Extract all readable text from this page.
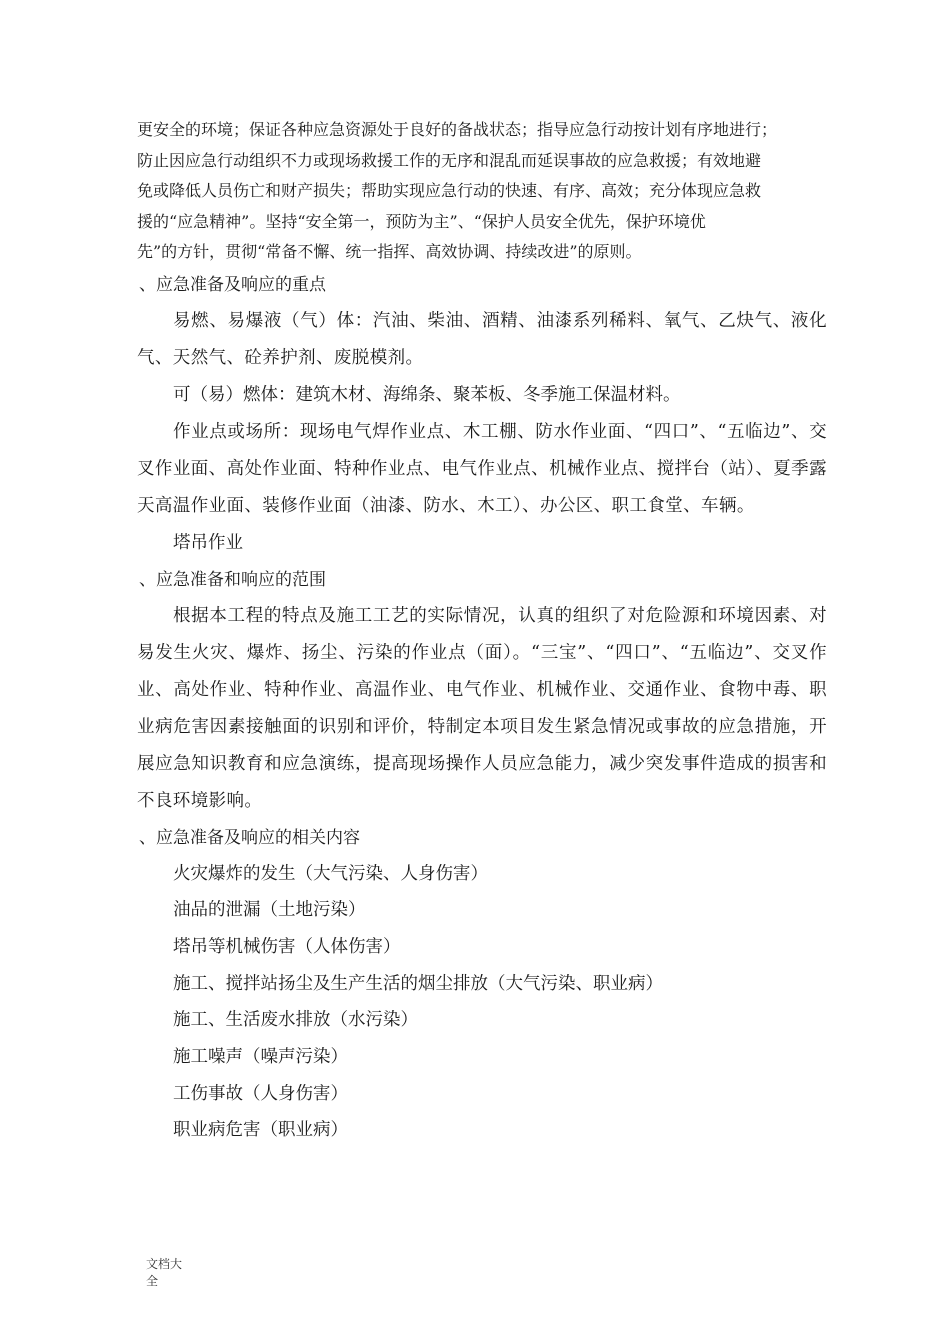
更安全的环境；保证各种应急资源处于良好的备战状态；指导应急行动按计划有序地进行；

防止因应急行动组织不力或现场救援工作的无序和混乱而延误事故的应急救援；有效地避

免或降低人员伤亡和财产损失；帮助实现应急行动的快速、有序、高效；充分体现应急救

援的“应急精神”。坚持“安全第一，预防为主”、“保护人员安全优先，保护环境优

先”的方针，贯彻“常备不懈、统一指挥、高效协调、持续改进”的原则。

、应急准备及响应的重点

易燃、易爆液（气）体：汽油、柴油、酒精、油漆系列稀料、氧气、乙炔气、液化气、天然气、砼养护剂、废脱模剂。

可（易）燃体：建筑木材、海绵条、聚苯板、冬季施工保温材料。

作业点或场所：现场电气焊作业点、木工棚、防水作业面、“四口”、“五临边”、交叉作业面、高处作业面、特种作业点、电气作业点、机械作业点、搅拌台（站）、夏季露天高温作业面、装修作业面（油漆、防水、木工）、办公区、职工食堂、车辆。

塔吊作业

、应急准备和响应的范围

根据本工程的特点及施工工艺的实际情况，认真的组织了对危险源和环境因素、对易发生火灾、爆炸、扬尘、污染的作业点（面）。“三宝”、“四口”、“五临边”、交叉作业、高处作业、特种作业、高温作业、电气作业、机械作业、交通作业、食物中毒、职业病危害因素接触面的识别和评价，特制定本项目发生紧急情况或事故的应急措施，开展应急知识教育和应急演练，提高现场操作人员应急能力，减少突发事件造成的损害和不良环境影响。

、应急准备及响应的相关内容

火灾爆炸的发生（大气污染、人身伤害）

油品的泄漏（土地污染）

塔吊等机械伤害（人体伤害）

施工、搅拌站扬尘及生产生活的烟尘排放（大气污染、职业病）

施工、生活废水排放（水污染）

施工噪声（噪声污染）

工伤事故（人身伤害）

职业病危害（职业病）

文档大
全
